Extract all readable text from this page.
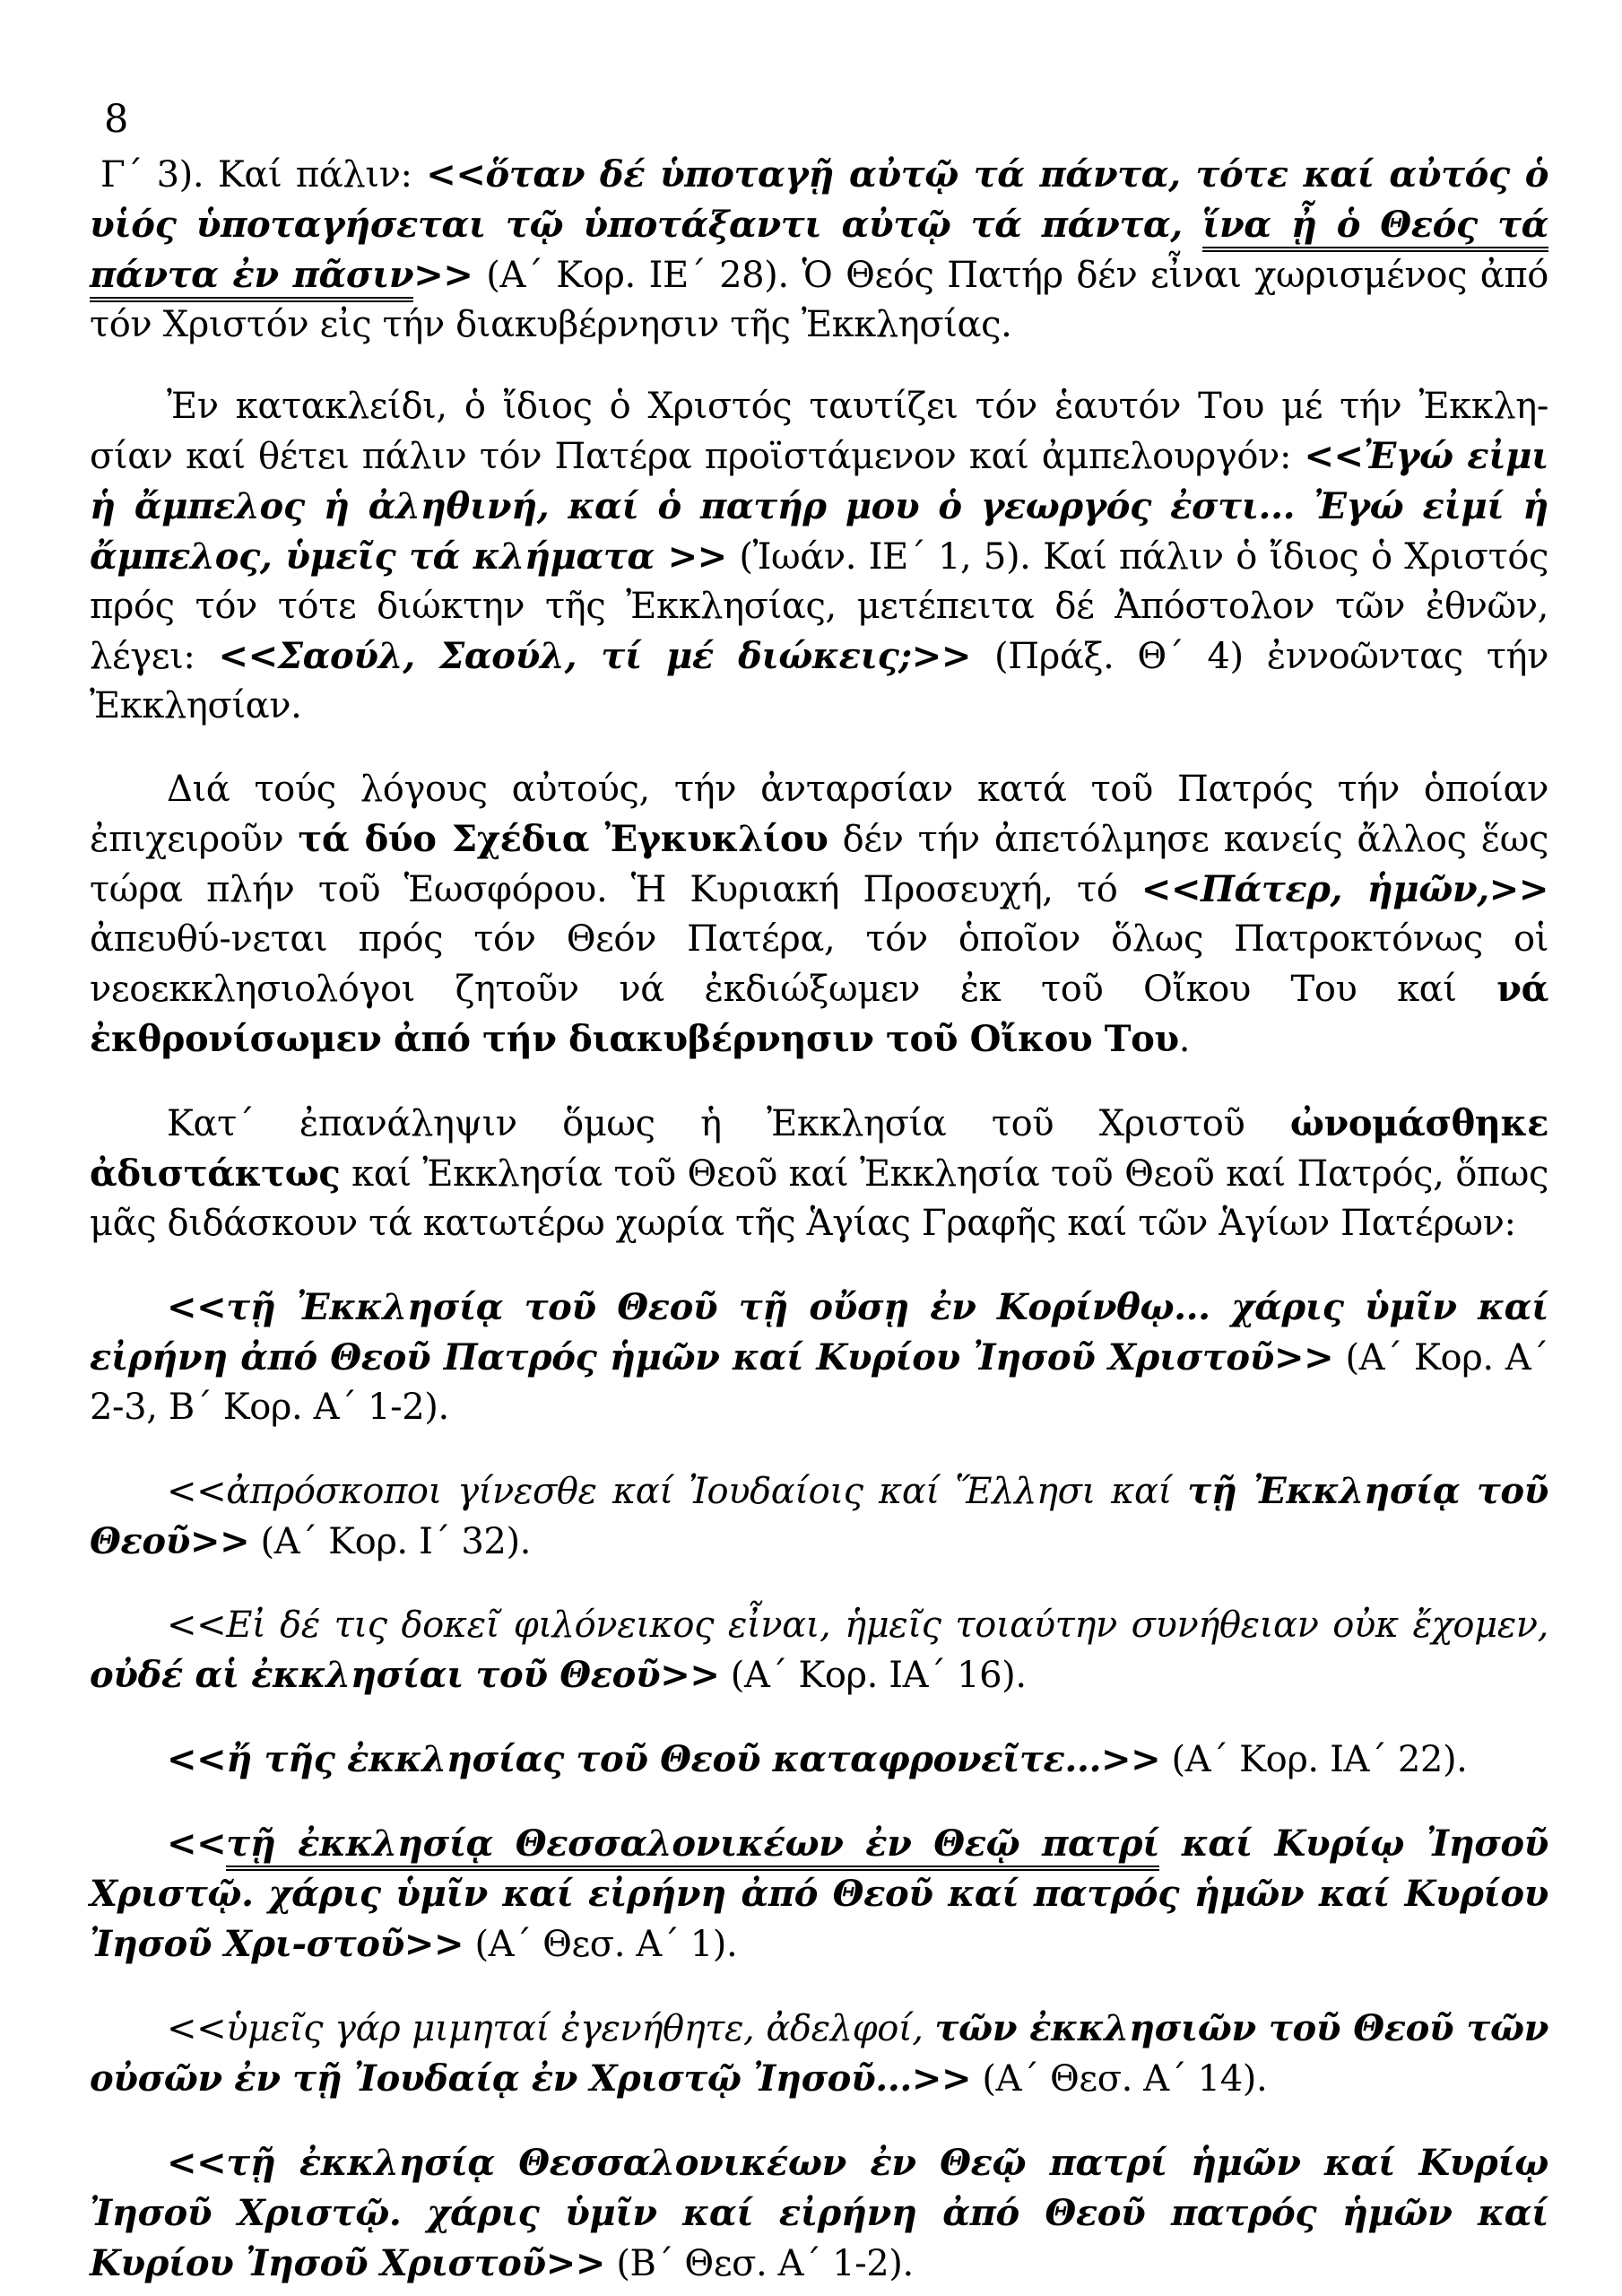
8

Γ´ 3). Καί πάλιν: <<ὅταν δέ ὑποταγῇ αὐτῷ τά πάντα, τότε καί αὐτός ὁ υἱός ὑποταγήσεται τῷ ὑποτάξαντι αὐτῷ τά πάντα, ἵνα ᾖ ὁ Θεός τά πάντα ἐν πᾶσιν>> (Α´ Κορ. ΙΕ´ 28). Ὁ Θεός Πατήρ δέν εἶναι χωρισμένος ἀπό τόν Χριστόν εἰς τήν διακυβέρνησιν τῆς Ἐκκλησίας.

Ἐν κατακλείδι, ὁ ἴδιος ὁ Χριστός ταυτίζει τόν ἑαυτόν Του μέ τήν Ἐκκλη-σίαν καί θέτει πάλιν τόν Πατέρα προϊστάμενον καί ἀμπελουργόν: <<Ἐγώ εἰμι ἡ ἄμπελος ἡ ἀληθινή, καί ὁ πατήρ μου ὁ γεωργός ἐστι... Ἐγώ εἰμί ἡ ἄμπελος, ὑμεῖς τά κλήματα >> (Ἰωάν. ΙΕ´ 1, 5). Καί πάλιν ὁ ἴδιος ὁ Χριστός πρός τόν τότε διώκτην τῆς Ἐκκλησίας, μετέπειτα δέ Ἀπόστολον τῶν ἐθνῶν, λέγει: <<Σαούλ, Σαούλ, τί μέ διώκεις;>> (Πράξ. Θ´ 4) ἐννοῶντας τήν Ἐκκλησίαν.

Διά τούς λόγους αὐτούς, τήν ἀνταρσίαν κατά τοῦ Πατρός τήν ὁποίαν ἐπιχειροῦν τά δύο Σχέδια Ἐγκυκλίου δέν τήν ἀπετόλμησε κανείς ἄλλος ἕως τώρα πλήν τοῦ Ἑωσφόρου. Ἡ Κυριακή Προσευχή, τό <<Πάτερ, ἡμῶν,>> ἀπευθύ-νεται πρός τόν Θεόν Πατέρα, τόν ὁποῖον ὅλως Πατροκτόνως οἱ νεοεκκλησιολόγοι ζητοῦν νά ἐκδιώξωμεν ἐκ τοῦ Οἴκου Του καί νά ἐκθρονίσωμεν ἀπό τήν διακυβέρνησιν τοῦ Οἴκου Του.

Κατ´ ἐπανάληψιν ὅμως ἡ Ἐκκλησία τοῦ Χριστοῦ ὠνομάσθηκε ἀδιστάκτως καί Ἐκκλησία τοῦ Θεοῦ καί Ἐκκλησία τοῦ Θεοῦ καί Πατρός, ὅπως μᾶς διδάσκουν τά κατωτέρω χωρία τῆς Ἁγίας Γραφῆς καί τῶν Ἁγίων Πατέρων:

<<τῇ Ἐκκλησίᾳ τοῦ Θεοῦ τῇ οὔσῃ ἐν Κορίνθῳ... χάρις ὑμῖν καί εἰρήνη ἀπό Θεοῦ Πατρός ἡμῶν καί Κυρίου Ἰησοῦ Χριστοῦ>> (Α´ Κορ. Α´ 2-3, Β´ Κορ. Α´ 1-2).

<<ἀπρόσκοποι γίνεσθε καί Ἰουδαίοις καί Ἕλλησι καί τῇ Ἐκκλησίᾳ τοῦ Θεοῦ>> (Α´ Κορ. Ι´ 32).

<<Εἰ δέ τις δοκεῖ φιλόνεικος εἶναι, ἡμεῖς τοιαύτην συνήθειαν οὐκ ἔχομεν, οὐδέ αἱ ἐκκλησίαι τοῦ Θεοῦ>> (Α´ Κορ. ΙΑ´ 16).

<<ἤ τῆς ἐκκλησίας τοῦ Θεοῦ καταφρονεῖτε...>> (Α´ Κορ. ΙΑ´ 22).

<<τῇ ἐκκλησίᾳ Θεσσαλονικέων ἐν Θεῷ πατρί καί Κυρίῳ Ἰησοῦ Χριστῷ. χάρις ὑμῖν καί εἰρήνη ἀπό Θεοῦ καί πατρός ἡμῶν καί Κυρίου Ἰησοῦ Χρι-στοῦ>> (Α´ Θεσ. Α´ 1).

<<ὑμεῖς γάρ μιμηταί ἐγενήθητε, ἀδελφοί, τῶν ἐκκλησιῶν τοῦ Θεοῦ τῶν οὐσῶν ἐν τῇ Ἰουδαίᾳ ἐν Χριστῷ Ἰησοῦ...>> (Α´ Θεσ. Α´ 14).

<<τῇ ἐκκλησίᾳ Θεσσαλονικέων ἐν Θεῷ πατρί ἡμῶν καί Κυρίῳ Ἰησοῦ Χριστῷ. χάρις ὑμῖν καί εἰρήνη ἀπό Θεοῦ πατρός ἡμῶν καί Κυρίου Ἰησοῦ Χριστοῦ>> (Β´ Θεσ. Α´ 1-2).
